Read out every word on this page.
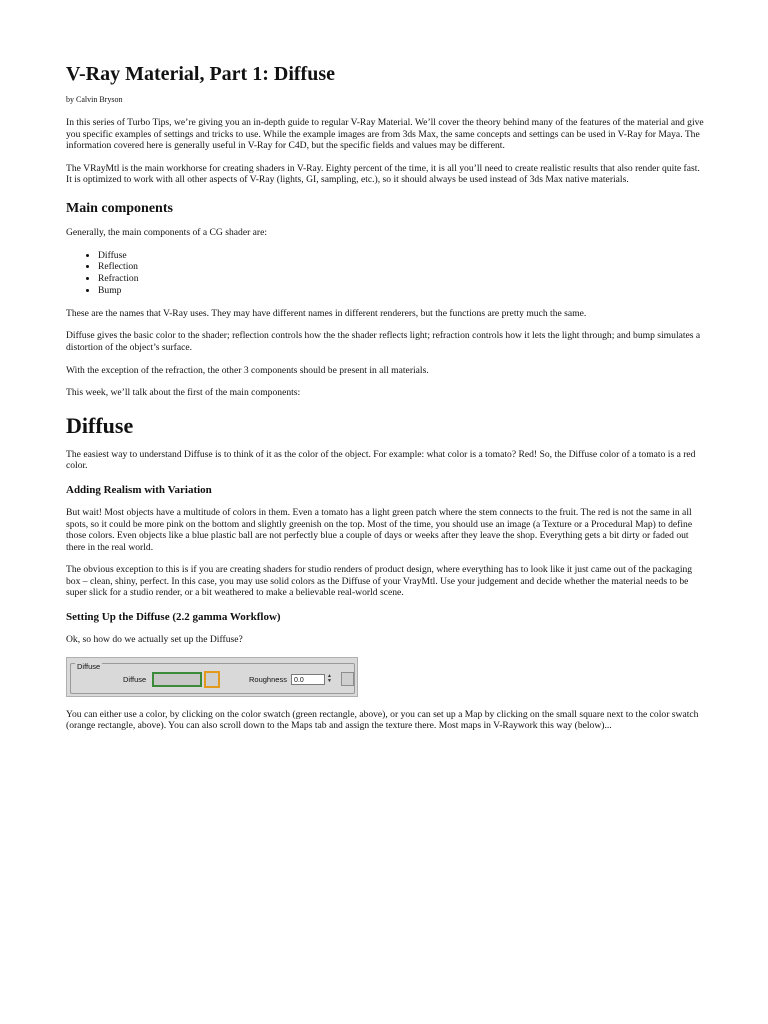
V-Ray Material, Part 1: Diffuse
by Calvin Bryson

In this series of Turbo Tips, we’re giving you an in-depth guide to regular V-Ray Material. We’ll cover the theory behind many of the features of the material and give you specific examples of settings and tricks to use. While the example images are from 3ds Max, the same concepts and settings can be used in V-Ray for Maya. The information covered here is generally useful in V-Ray for C4D, but the specific fields and values may be different.

The VRayMtl is the main workhorse for creating shaders in V-Ray. Eighty percent of the time, it is all you’ll need to create realistic results that also render quite fast. It is optimized to work with all other aspects of V-Ray (lights, GI, sampling, etc.), so it should always be used instead of 3ds Max native materials.

Main components

Generally, the main components of a CG shader are:

• Diffuse
• Reflection
• Refraction
• Bump

These are the names that V-Ray uses. They may have different names in different renderers, but the functions are pretty much the same.

Diffuse gives the basic color to the shader; reflection controls how the the shader reflects light; refraction controls how it lets the light through; and bump simulates a distortion of the object’s surface.

With the exception of the refraction, the other 3 components should be present in all materials.

This week, we’ll talk about the first of the main components:

Diffuse

The easiest way to understand Diffuse is to think of it as the color of the object. For example: what color is a tomato? Red! So, the Diffuse color of a tomato is a red color.

Adding Realism with Variation

But wait! Most objects have a multitude of colors in them. Even a tomato has a light green patch where the stem connects to the fruit. The red is not the same in all spots, so it could be more pink on the bottom and slightly greenish on the top. Most of the time, you should use an image (a Texture or a Procedural Map) to define those colors. Even objects like a blue plastic ball are not perfectly blue a couple of days or weeks after they leave the shop. Everything gets a bit dirty or faded out there in the real world.

The obvious exception to this is if you are creating shaders for studio renders of product design, where everything has to look like it just came out of the packaging box – clean, shiny, perfect. In this case, you may use solid colors as the Diffuse of your VrayMtl. Use your judgement and decide whether the material needs to be super slick for a studio render, or a bit weathered to make a believable real-world scene.

Setting Up the Diffuse (2.2 gamma Workflow)

Ok, so how do we actually set up the Diffuse?

Diffuse
Diffuse	Roughness	0.0
▲
▼

You can either use a color, by clicking on the color swatch (green rectangle, above), or you can set up a Map by clicking on the small square next to the color swatch (orange rectangle, above). You can also scroll down to the Maps tab and assign the texture there. Most maps in V-Raywork this way (below)...
